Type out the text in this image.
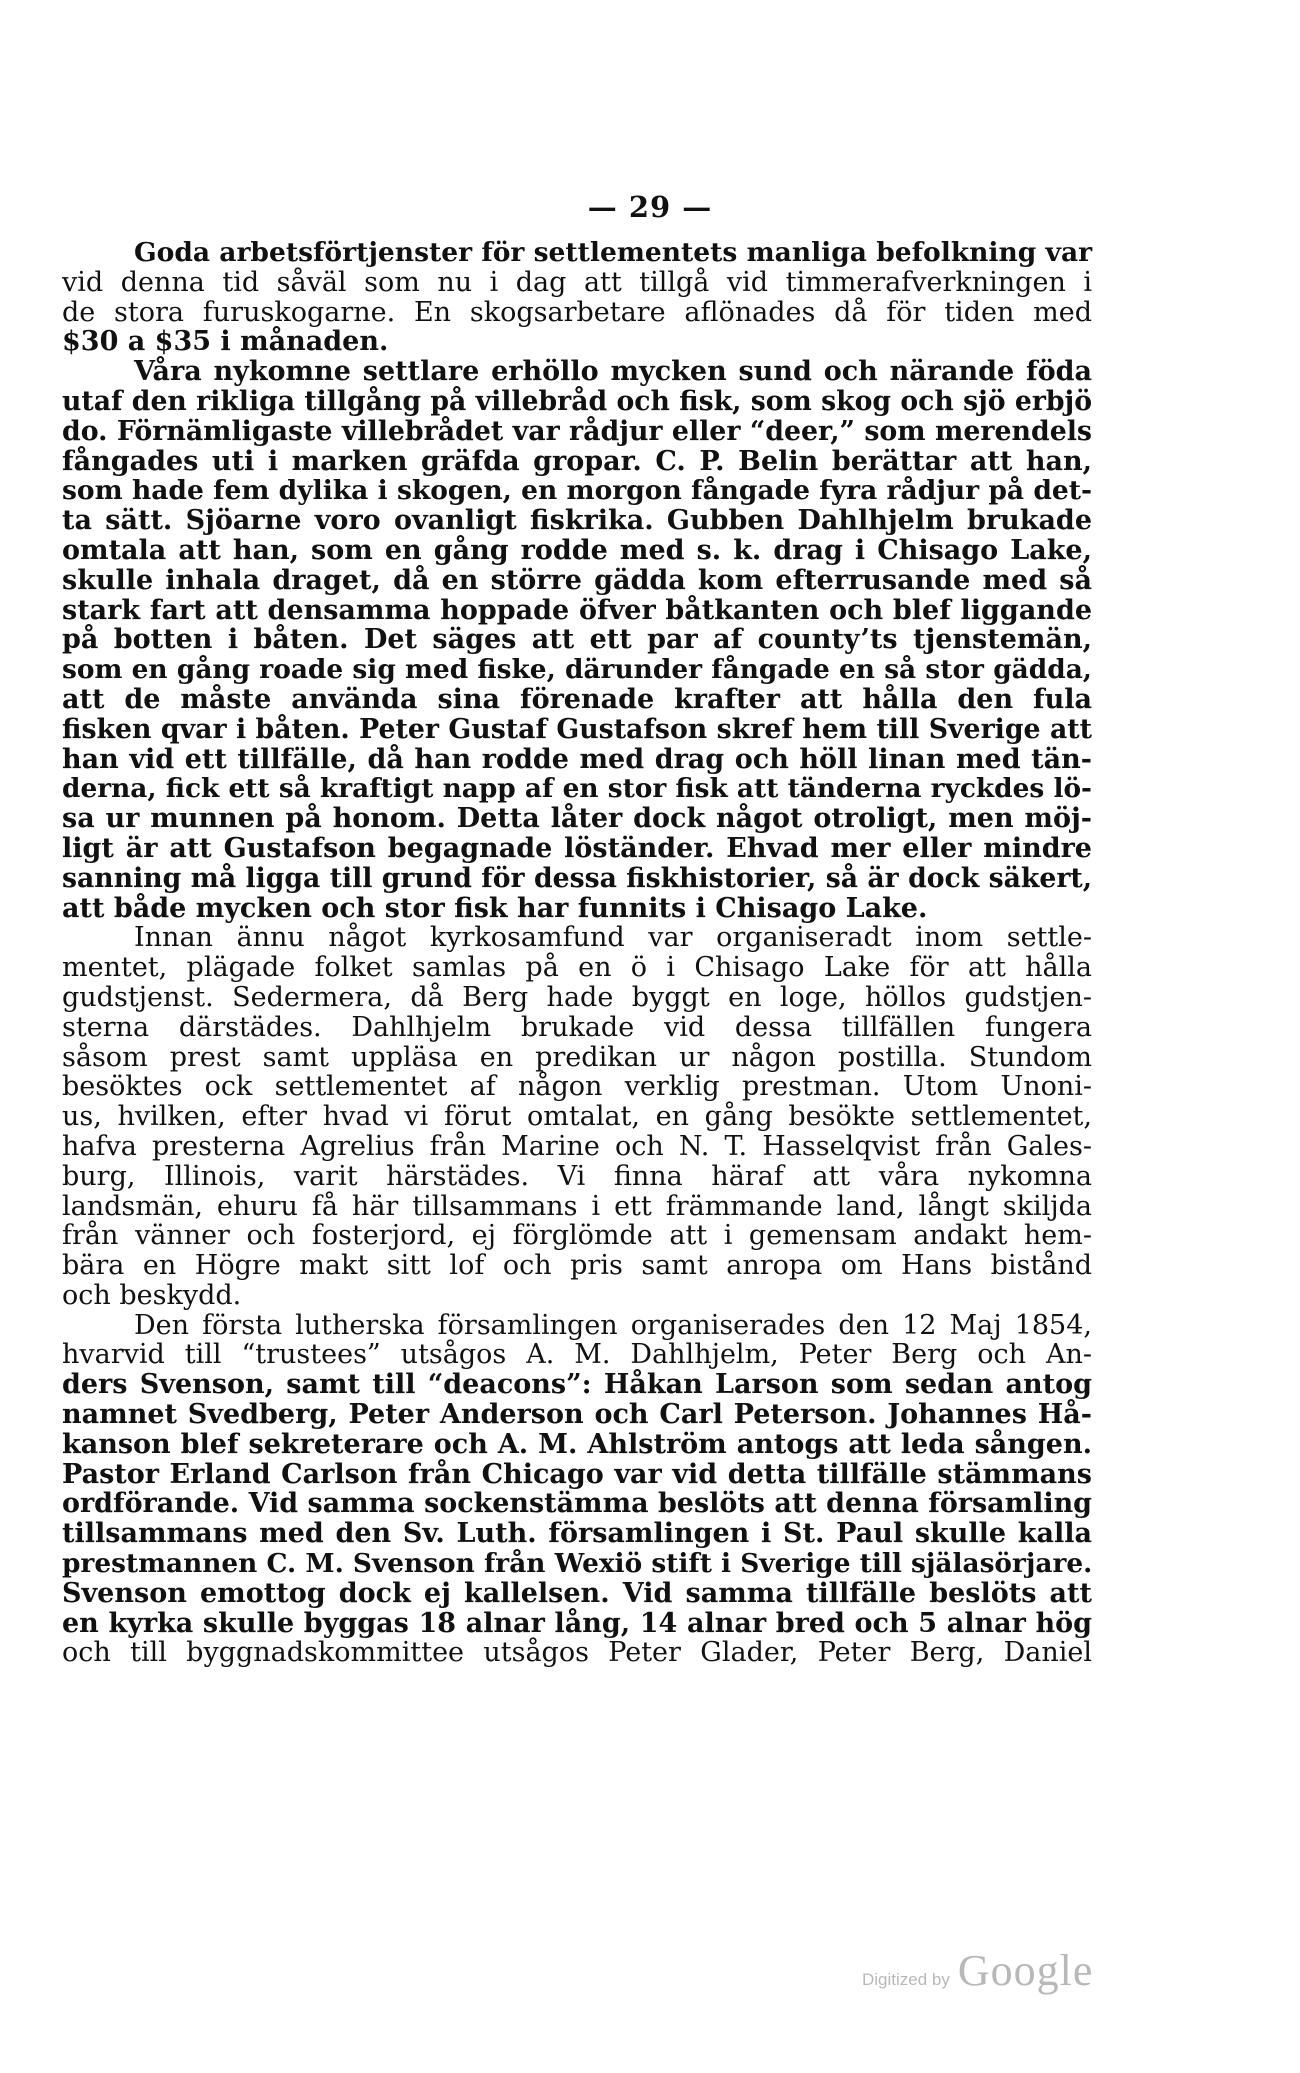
— 29 —
Goda arbetsförtjenster för settlementets manliga befolkning var
vid denna tid såväl som nu i dag att tillgå vid timmerafverkningen i
de stora furuskogarne. En skogsarbetare aflönades då för tiden med
$30 a $35 i månaden.
Våra nykomne settlare erhöllo mycken sund och närande föda
utaf den rikliga tillgång på villebråd och fisk, som skog och sjö erbjö
do. Förnämligaste villebrådet var rådjur eller “deer,” som merendels
fångades uti i marken gräfda gropar. C. P. Belin berättar att han,
som hade fem dylika i skogen, en morgon fångade fyra rådjur på det-
ta sätt. Sjöarne voro ovanligt fiskrika. Gubben Dahlhjelm brukade
omtala att han, som en gång rodde med s. k. drag i Chisago Lake,
skulle inhala draget, då en större gädda kom efterrusande med så
stark fart att densamma hoppade öfver båtkanten och blef liggande
på botten i båten. Det säges att ett par af county’ts tjenstemän,
som en gång roade sig med fiske, därunder fångade en så stor gädda,
att de måste använda sina förenade krafter att hålla den fula
fisken qvar i båten. Peter Gustaf Gustafson skref hem till Sverige att
han vid ett tillfälle, då han rodde med drag och höll linan med tän-
derna, fick ett så kraftigt napp af en stor fisk att tänderna ryckdes lö-
sa ur munnen på honom. Detta låter dock något otroligt, men möj-
ligt är att Gustafson begagnade löständer. Ehvad mer eller mindre
sanning må ligga till grund för dessa fiskhistorier, så är dock säkert,
att både mycken och stor fisk har funnits i Chisago Lake.
Innan ännu något kyrkosamfund var organiseradt inom settle-
mentet, plägade folket samlas på en ö i Chisago Lake för att hålla
gudstjenst. Sedermera, då Berg hade byggt en loge, höllos gudstjen-
sterna därstädes. Dahlhjelm brukade vid dessa tillfällen fungera
såsom prest samt uppläsa en predikan ur någon postilla. Stundom
besöktes ock settlementet af någon verklig prestman. Utom Unoni-
us, hvilken, efter hvad vi förut omtalat, en gång besökte settlementet,
hafva presterna Agrelius från Marine och N. T. Hasselqvist från Gales-
burg, Illinois, varit härstädes. Vi finna häraf att våra nykomna
landsmän, ehuru få här tillsammans i ett främmande land, långt skiljda
från vänner och fosterjord, ej förglömde att i gemensam andakt hem-
bära en Högre makt sitt lof och pris samt anropa om Hans bistånd
och beskydd.
Den första lutherska församlingen organiserades den 12 Maj 1854,
hvarvid till “trustees” utsågos A. M. Dahlhjelm, Peter Berg och An-
ders Svenson, samt till “deacons”: Håkan Larson som sedan antog
namnet Svedberg, Peter Anderson och Carl Peterson. Johannes Hå-
kanson blef sekreterare och A. M. Ahlström antogs att leda sången.
Pastor Erland Carlson från Chicago var vid detta tillfälle stämmans
ordförande. Vid samma sockenstämma beslöts att denna församling
tillsammans med den Sv. Luth. församlingen i St. Paul skulle kalla
prestmannen C. M. Svenson från Wexiö stift i Sverige till själasörjare.
Svenson emottog dock ej kallelsen. Vid samma tillfälle beslöts att
en kyrka skulle byggas 18 alnar lång, 14 alnar bred och 5 alnar hög
och till byggnadskommittee utsågos Peter Glader, Peter Berg, Daniel
Digitized by Google
